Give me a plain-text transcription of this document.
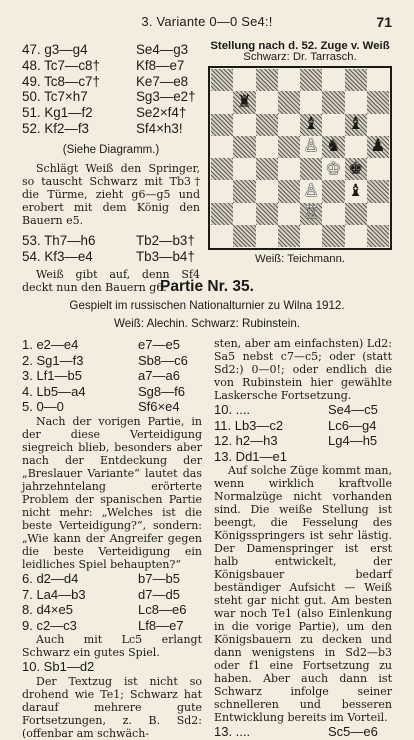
3. Variante 0—0 Se4:!	71
47. g3—g4	Se4—g3
48. Tc7—c8†	Kf8—e7
49. Tc8—c7†	Ke7—e8
50. Tc7×h7	Sg3—e2†
51. Kg1—f2	Se2×f4†
52. Kf2—f3	Sf4×h3!
(Siehe Diagramm.)
Schlägt Weiß den Springer, so tauscht Schwarz mit Tb3† die Türme, zieht g6—g5 und erobert mit dem König den Bauern e5.
53. Th7—h6	Tb2—b3†
54. Kf3—e4	Tb3—b4†
Weiß gibt auf, denn Sf4 deckt nun den Bauern g6.
Stellung nach d. 52. Zuge v. Weiß
Schwarz: Dr. Tarrasch.
♜
♝ ♝
♙ ♞ ♟
♔ ♚
♙ ♝
♖
Weiß: Teichmann.
Partie Nr. 35.
Gespielt im russischen Nationalturnier zu Wilna 1912.
Weiß: Alechin. Schwarz: Rubinstein.
1. e2—e4	e7—e5
2. Sg1—f3	Sb8—c6
3. Lf1—b5	a7—a6
4. Lb5—a4	Sg8—f6
5. 0—0	Sf6×e4
Nach der vorigen Partie, in der diese Verteidigung siegreich blieb, besonders aber nach der Entdeckung der „Breslauer Variante“ lautet das jahrzehntelang erörterte Problem der spanischen Partie nicht mehr: „Welches ist die beste Verteidigung?“, sondern: „Wie kann der Angreifer gegen die beste Verteidigung ein leidliches Spiel behaupten?“
6. d2—d4	b7—b5
7. La4—b3	d7—d5
8. d4×e5	Lc8—e6
9. c2—c3	Lf8—e7
Auch mit Lc5 erlangt Schwarz ein gutes Spiel.
10. Sb1—d2
Der Textzug ist nicht so drohend wie Te1; Schwarz hat darauf mehrere gute Fortsetzungen, z. B. Sd2: (offenbar am schwäch-
sten, aber am einfachsten) Ld2: Sa5 nebst c7—c5; oder (statt Sd2:) 0—0!; oder endlich die von Rubinstein hier gewählte Laskersche Fortsetzung.
10. ....	Se4—c5
11. Lb3—c2	Lc6—g4
12. h2—h3	Lg4—h5
13. Dd1—e1
Auf solche Züge kommt man, wenn wirklich kraftvolle Normalzüge nicht vorhanden sind. Die weiße Stellung ist beengt, die Fesselung des Königsspringers ist sehr lästig. Der Damenspringer ist erst halb entwickelt, der Königsbauer bedarf beständiger Aufsicht — Weiß steht gar nicht gut. Am besten war noch Te1 (also Einlenkung in die vorige Partie), um den Königsbauern zu decken und dann wenigstens in Sd2—b3 oder f1 eine Fortsetzung zu haben. Aber auch dann ist Schwarz infolge seiner schnelleren und besseren Entwicklung bereits im Vorteil.
13. ....	Sc5—e6
